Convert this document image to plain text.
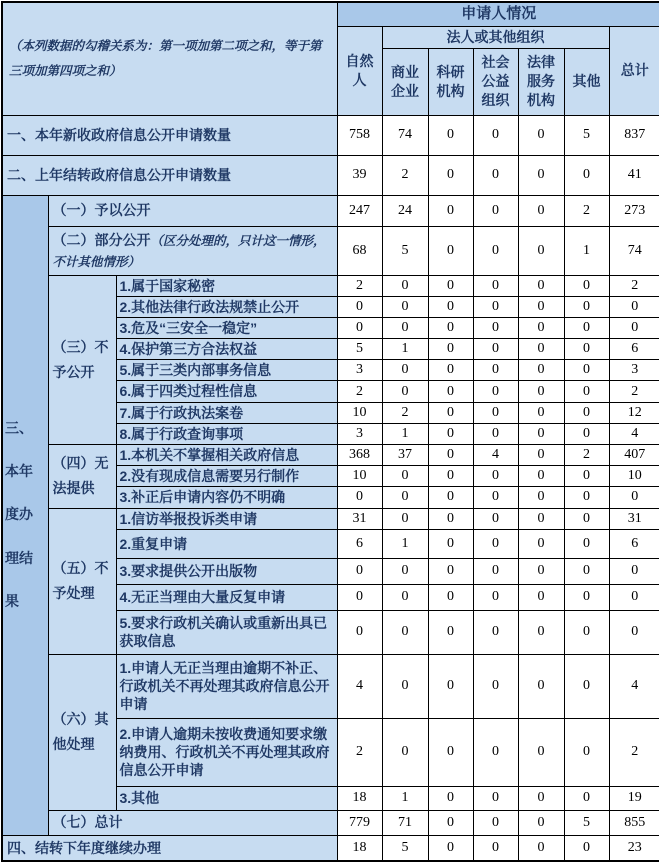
（本列数据的勾稽关系为：第一项加第二项之和，等于第三项加第四项之和）			申请人情况						
			自然人	法人或其他组织					总计
				商业企业	科研机构	社会公益组织	法律服务机构	其他	
一、本年新收政府信息公开申请数量			758	74	0	0	0	5	837
二、上年结转政府信息公开申请数量			39	2	0	0	0	0	41
三、本年度办理结果	（一）予以公开		247	24	0	0	0	2	273
	（二）部分公开（区分处理的，只计这一情形，不计其他情形）		68	5	0	0	0	1	74
	（三）不予公开	1.属于国家秘密	2	0	0	0	0	0	2
		2.其他法律行政法规禁止公开	0	0	0	0	0	0	0
		3.危及“三安全一稳定”	0	0	0	0	0	0	0
		4.保护第三方合法权益	5	1	0	0	0	0	6
		5.属于三类内部事务信息	3	0	0	0	0	0	3
		6.属于四类过程性信息	2	0	0	0	0	0	2
		7.属于行政执法案卷	10	2	0	0	0	0	12
		8.属于行政查询事项	3	1	0	0	0	0	4
	（四）无法提供	1.本机关不掌握相关政府信息	368	37	0	4	0	2	407
		2.没有现成信息需要另行制作	10	0	0	0	0	0	10
		3.补正后申请内容仍不明确	0	0	0	0	0	0	0
	（五）不予处理	1.信访举报投诉类申请	31	0	0	0	0	0	31
		2.重复申请	6	1	0	0	0	0	6
		3.要求提供公开出版物	0	0	0	0	0	0	0
		4.无正当理由大量反复申请	0	0	0	0	0	0	0
		5.要求行政机关确认或重新出具已获取信息	0	0	0	0	0	0	0
	（六）其他处理	1.申请人无正当理由逾期不补正、行政机关不再处理其政府信息公开申请	4	0	0	0	0	0	4
		2.申请人逾期未按收费通知要求缴纳费用、行政机关不再处理其政府信息公开申请	2	0	0	0	0	0	2
		3.其他	18	1	0	0	0	0	19
	（七）总计		779	71	0	0	0	5	855
四、结转下年度继续办理			18	5	0	0	0	0	23
